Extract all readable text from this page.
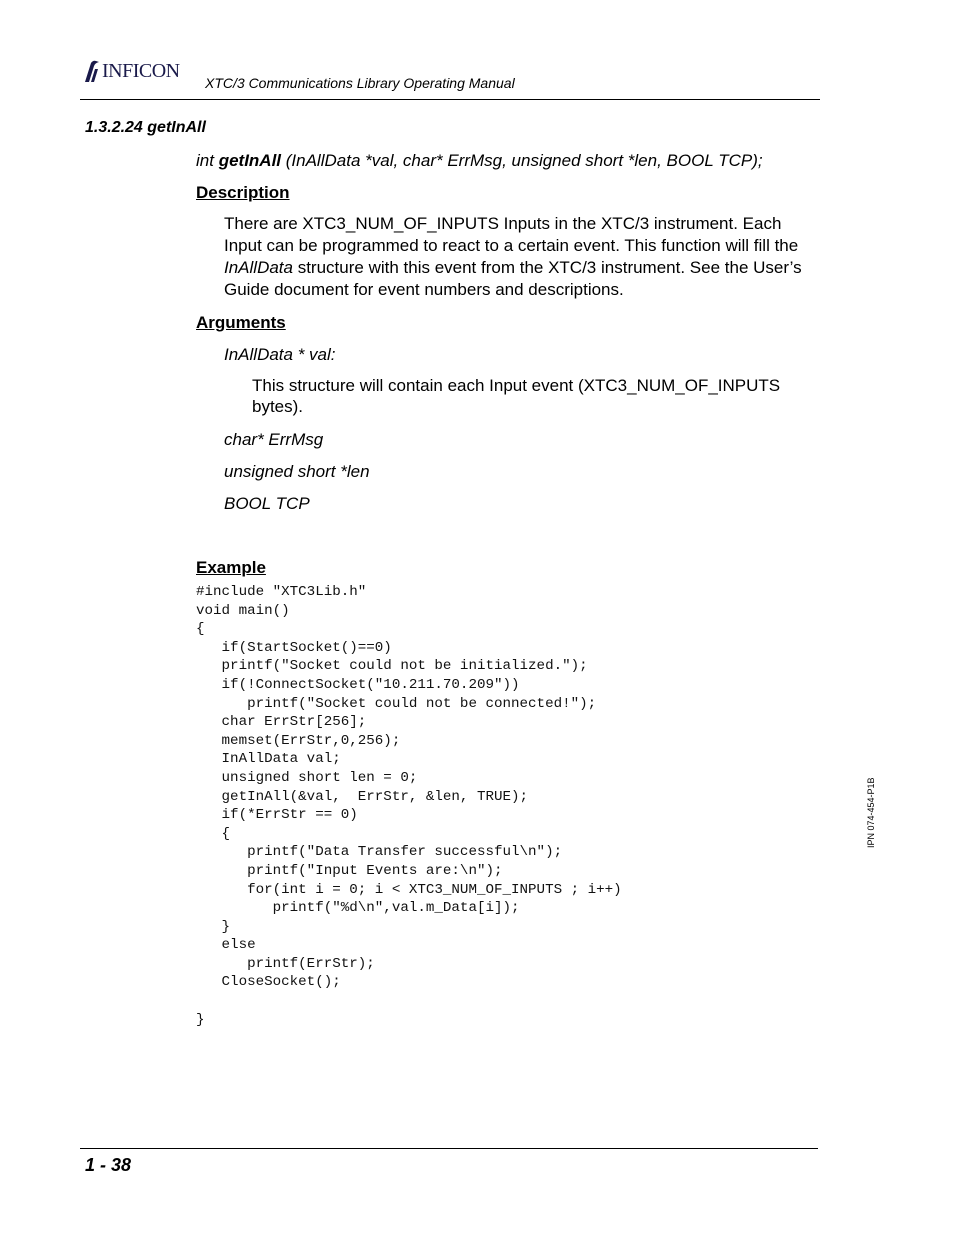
INFICON
XTC/3 Communications Library Operating Manual
1.3.2.24 getInAll
int getInAll (InAllData *val, char* ErrMsg, unsigned short *len, BOOL TCP);
Description
There are XTC3_NUM_OF_INPUTS Inputs in the XTC/3 instrument. Each Input can be programmed to react to a certain event. This function will fill the InAllData structure with this event from the XTC/3 instrument. See the User’s Guide document for event numbers and descriptions.
Arguments
InAllData * val:
This structure will contain each Input event (XTC3_NUM_OF_INPUTS bytes).
char* ErrMsg
unsigned short *len
BOOL TCP
Example
#include "XTC3Lib.h"
void main()
{
if(StartSocket()==0)
printf("Socket could not be initialized.");
if(!ConnectSocket("10.211.70.209"))
printf("Socket could not be connected!");
char ErrStr[256];
memset(ErrStr,0,256);
InAllData val;
unsigned short len = 0;
getInAll(&val,  ErrStr, &len, TRUE);
if(*ErrStr == 0)
{
printf("Data Transfer successful\n");
printf("Input Events are:\n");
for(int i = 0; i < XTC3_NUM_OF_INPUTS ; i++)
printf("%d\n",val.m_Data[i]);
}
else
printf(ErrStr);
CloseSocket();

}
IPN 074-454-P1B
1 - 38
